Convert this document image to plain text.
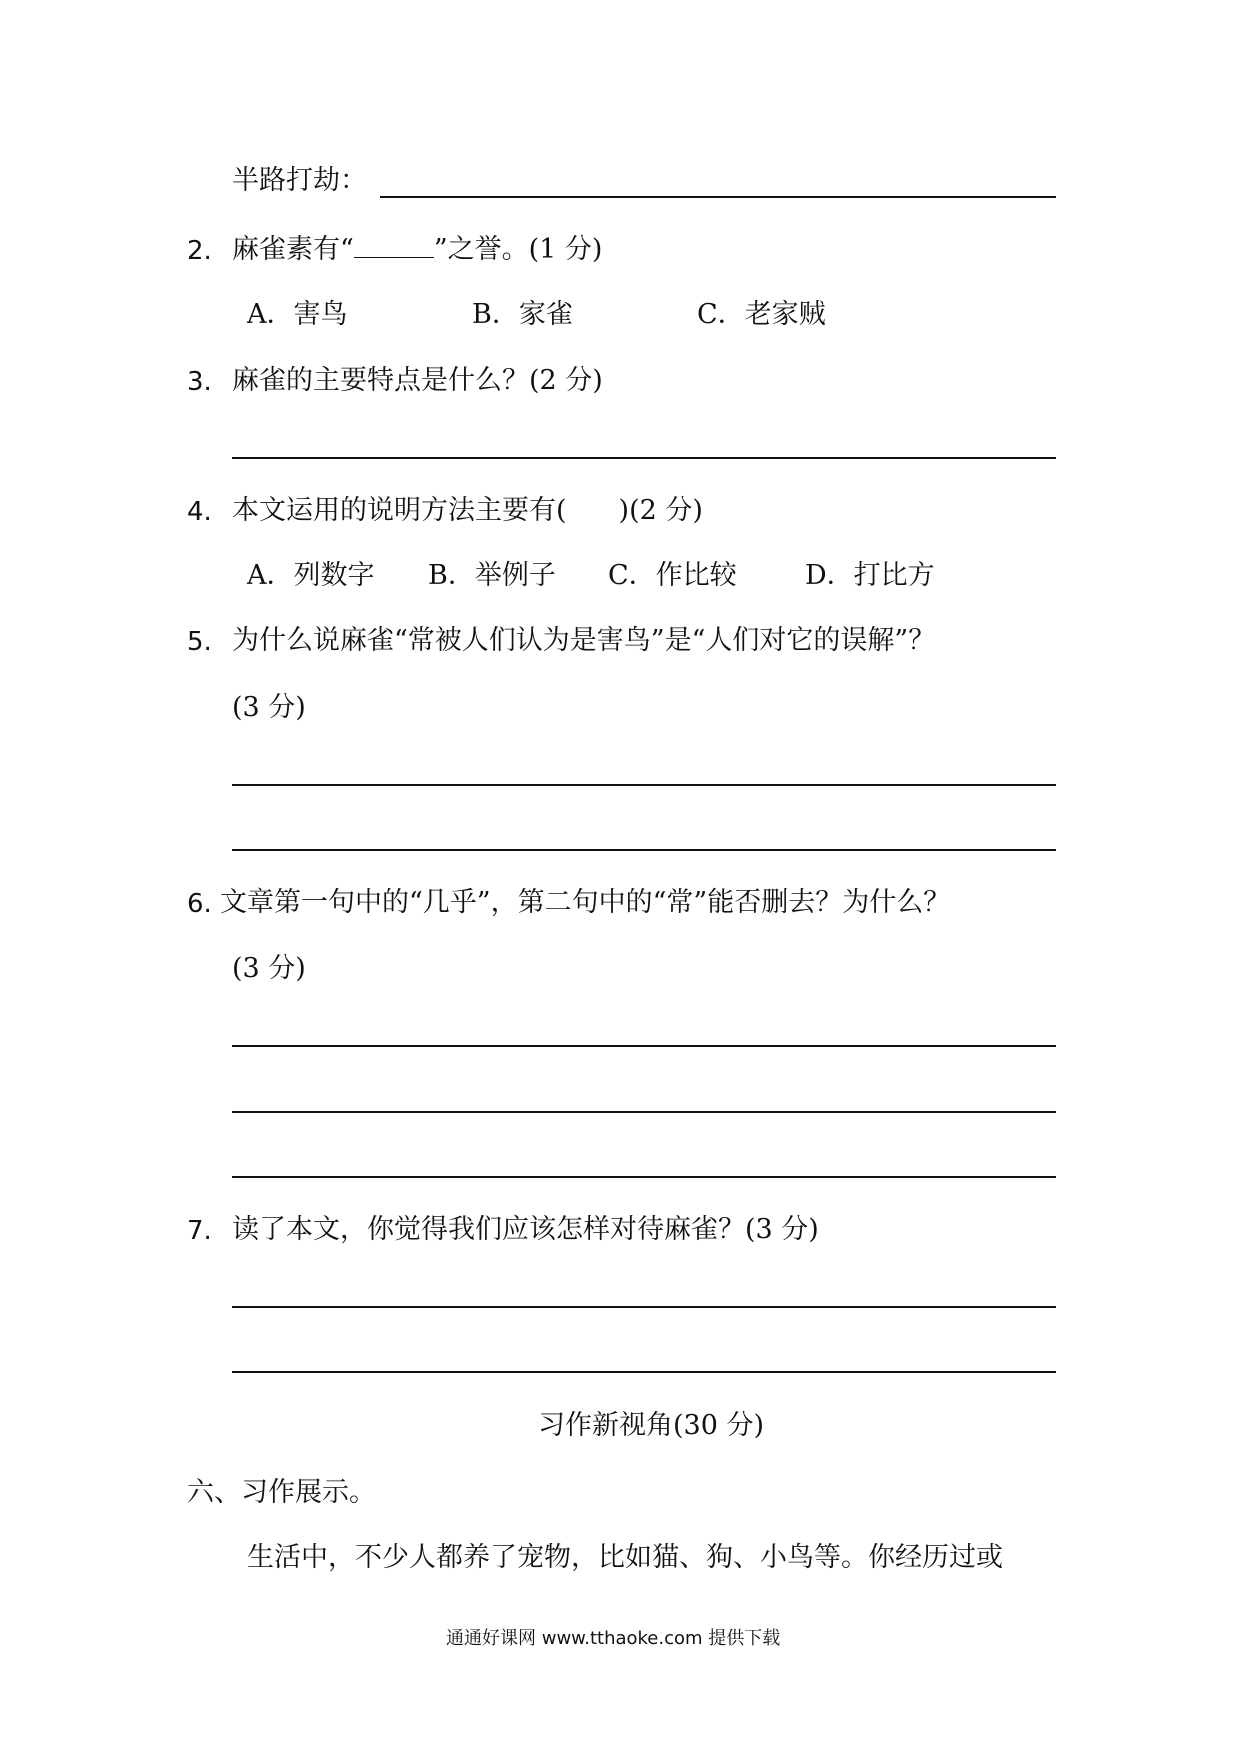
半路打劫：
2. 麻雀素有“	”之誉。(1 分)
A．害鸟	B．家雀	C．老家贼
3. 麻雀的主要特点是什么？(2 分)
4. 本文运用的说明方法主要有( )(2 分)
A．列数字 B．举例子 C．作比较	D．打比方
5. 为什么说麻雀“常被人们认为是害鸟”是“人们对它的误解”？
(3 分)
6. 文章第一句中的“几乎”，第二句中的“常”能否删去？为什么？
(3 分)
7. 读了本文，你觉得我们应该怎样对待麻雀？(3 分)
习作新视角(30 分)
六、习作展示。
生活中，不少人都养了宠物，比如猫、狗、小鸟等。你经历过或
通通好课网 www.tthaoke.com 提供下载
